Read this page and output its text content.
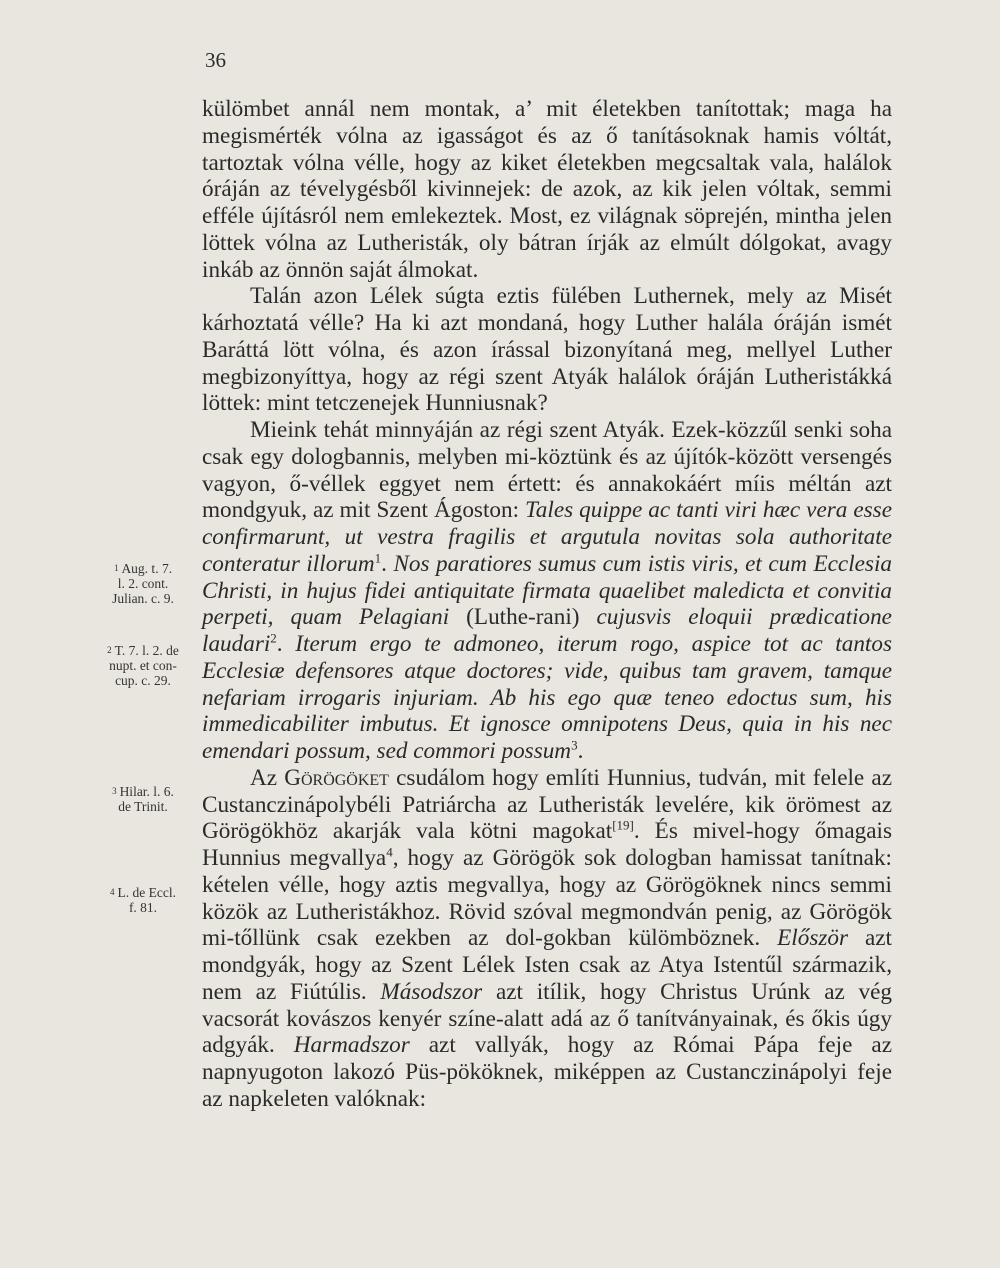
36
$^1$ Aug. t. 7.
l. 2. cont.
Julian. c. 9.
$^2$ T. 7. l. 2. de
nupt. et con-
cup. c. 29.
$^3$ Hilar. l. 6.
de Trinit.
$^4$ L. de Eccl.
f. 81.

külömbet annál nem montak, a’ mit életekben tanítottak; maga ha megismérték vólna az igasságot és az ő tanításoknak hamis vóltát, tartoztak vólna vélle, hogy az kiket életekben megcsaltak vala, halálok óráján az tévelygésből kivinnejek: de azok, az kik jelen vóltak, semmi efféle újításról nem emlekeztek. Most, ez világnak söprején, mintha jelen löttek vólna az Lutheristák, oly bátran írják az elmúlt dólgokat, avagy inkáb az önnön saját álmokat.

Talán azon Lélek súgta eztis fülében Luthernek, mely az Misét kárhoztatá vélle? Ha ki azt mondaná, hogy Luther halála óráján ismét Baráttá lött vólna, és azon írással bizonyítaná meg, mellyel Luther megbizonyíttya, hogy az régi szent Atyák halálok óráján Lutheristákká löttek: mint tetczenejek Hunniusnak?

Mieink tehát minnyáján az régi szent Atyák. Ezek-közzűl senki soha csak egy dologbannis, melyben mi-köztünk és az újítók-között versengés vagyon, ő-véllek eggyet nem értett: és annakokáért míis méltán azt mondgyuk, az mit Szent Ágoston: Tales quippe ac tanti viri hæc vera esse confirmarunt, ut vestra fragilis et argutula novitas sola authoritate conteratur illorum$^1$. Nos paratiores sumus cum istis viris, et cum Ecclesia Christi, in hujus fidei antiquitate firmata quaelibet maledicta et convitia perpeti, quam Pelagiani (Luthe-rani) cujusvis eloquii prædicatione laudari$^2$. Iterum ergo te admoneo, iterum rogo, aspice tot ac tantos Ecclesiæ defensores atque doctores; vide, quibus tam gravem, tamque nefariam irrogaris injuriam. Ab his ego quæ teneo edoctus sum, his immedicabiliter imbutus. Et ignosce omnipotens Deus, quia in his nec emendari possum, sed commori possum$^3$.

Az Görögöket csudálom hogy említi Hunnius, tudván, mit felele az Custanczinápolybéli Patriárcha az Lutheristák levelére, kik örömest az Görögökhöz akarják vala kötni magokat[19]. És mivel-hogy őmagais Hunnius megvallya$^4$, hogy az Görögök sok dologban hamissat tanítnak: kételen vélle, hogy aztis megvallya, hogy az Görögöknek nincs semmi közök az Lutheristákhoz. Rövid szóval megmondván penig, az Görögök mi-tőllünk csak ezekben az dol-gokban külömböznek. Először azt mondgyák, hogy az Szent Lélek Isten csak az Atya Istentűl származik, nem az Fiútúlis. Másodszor azt itílik, hogy Christus Urúnk az vég vacsorát kovászos kenyér színe-alatt adá az ő tanítványainak, és őkis úgy adgyák. Harmadszor azt vallyák, hogy az Római Pápa feje az napnyugoton lakozó Püs-pököknek, miképpen az Custanczinápolyi feje az napkeleten valóknak:
